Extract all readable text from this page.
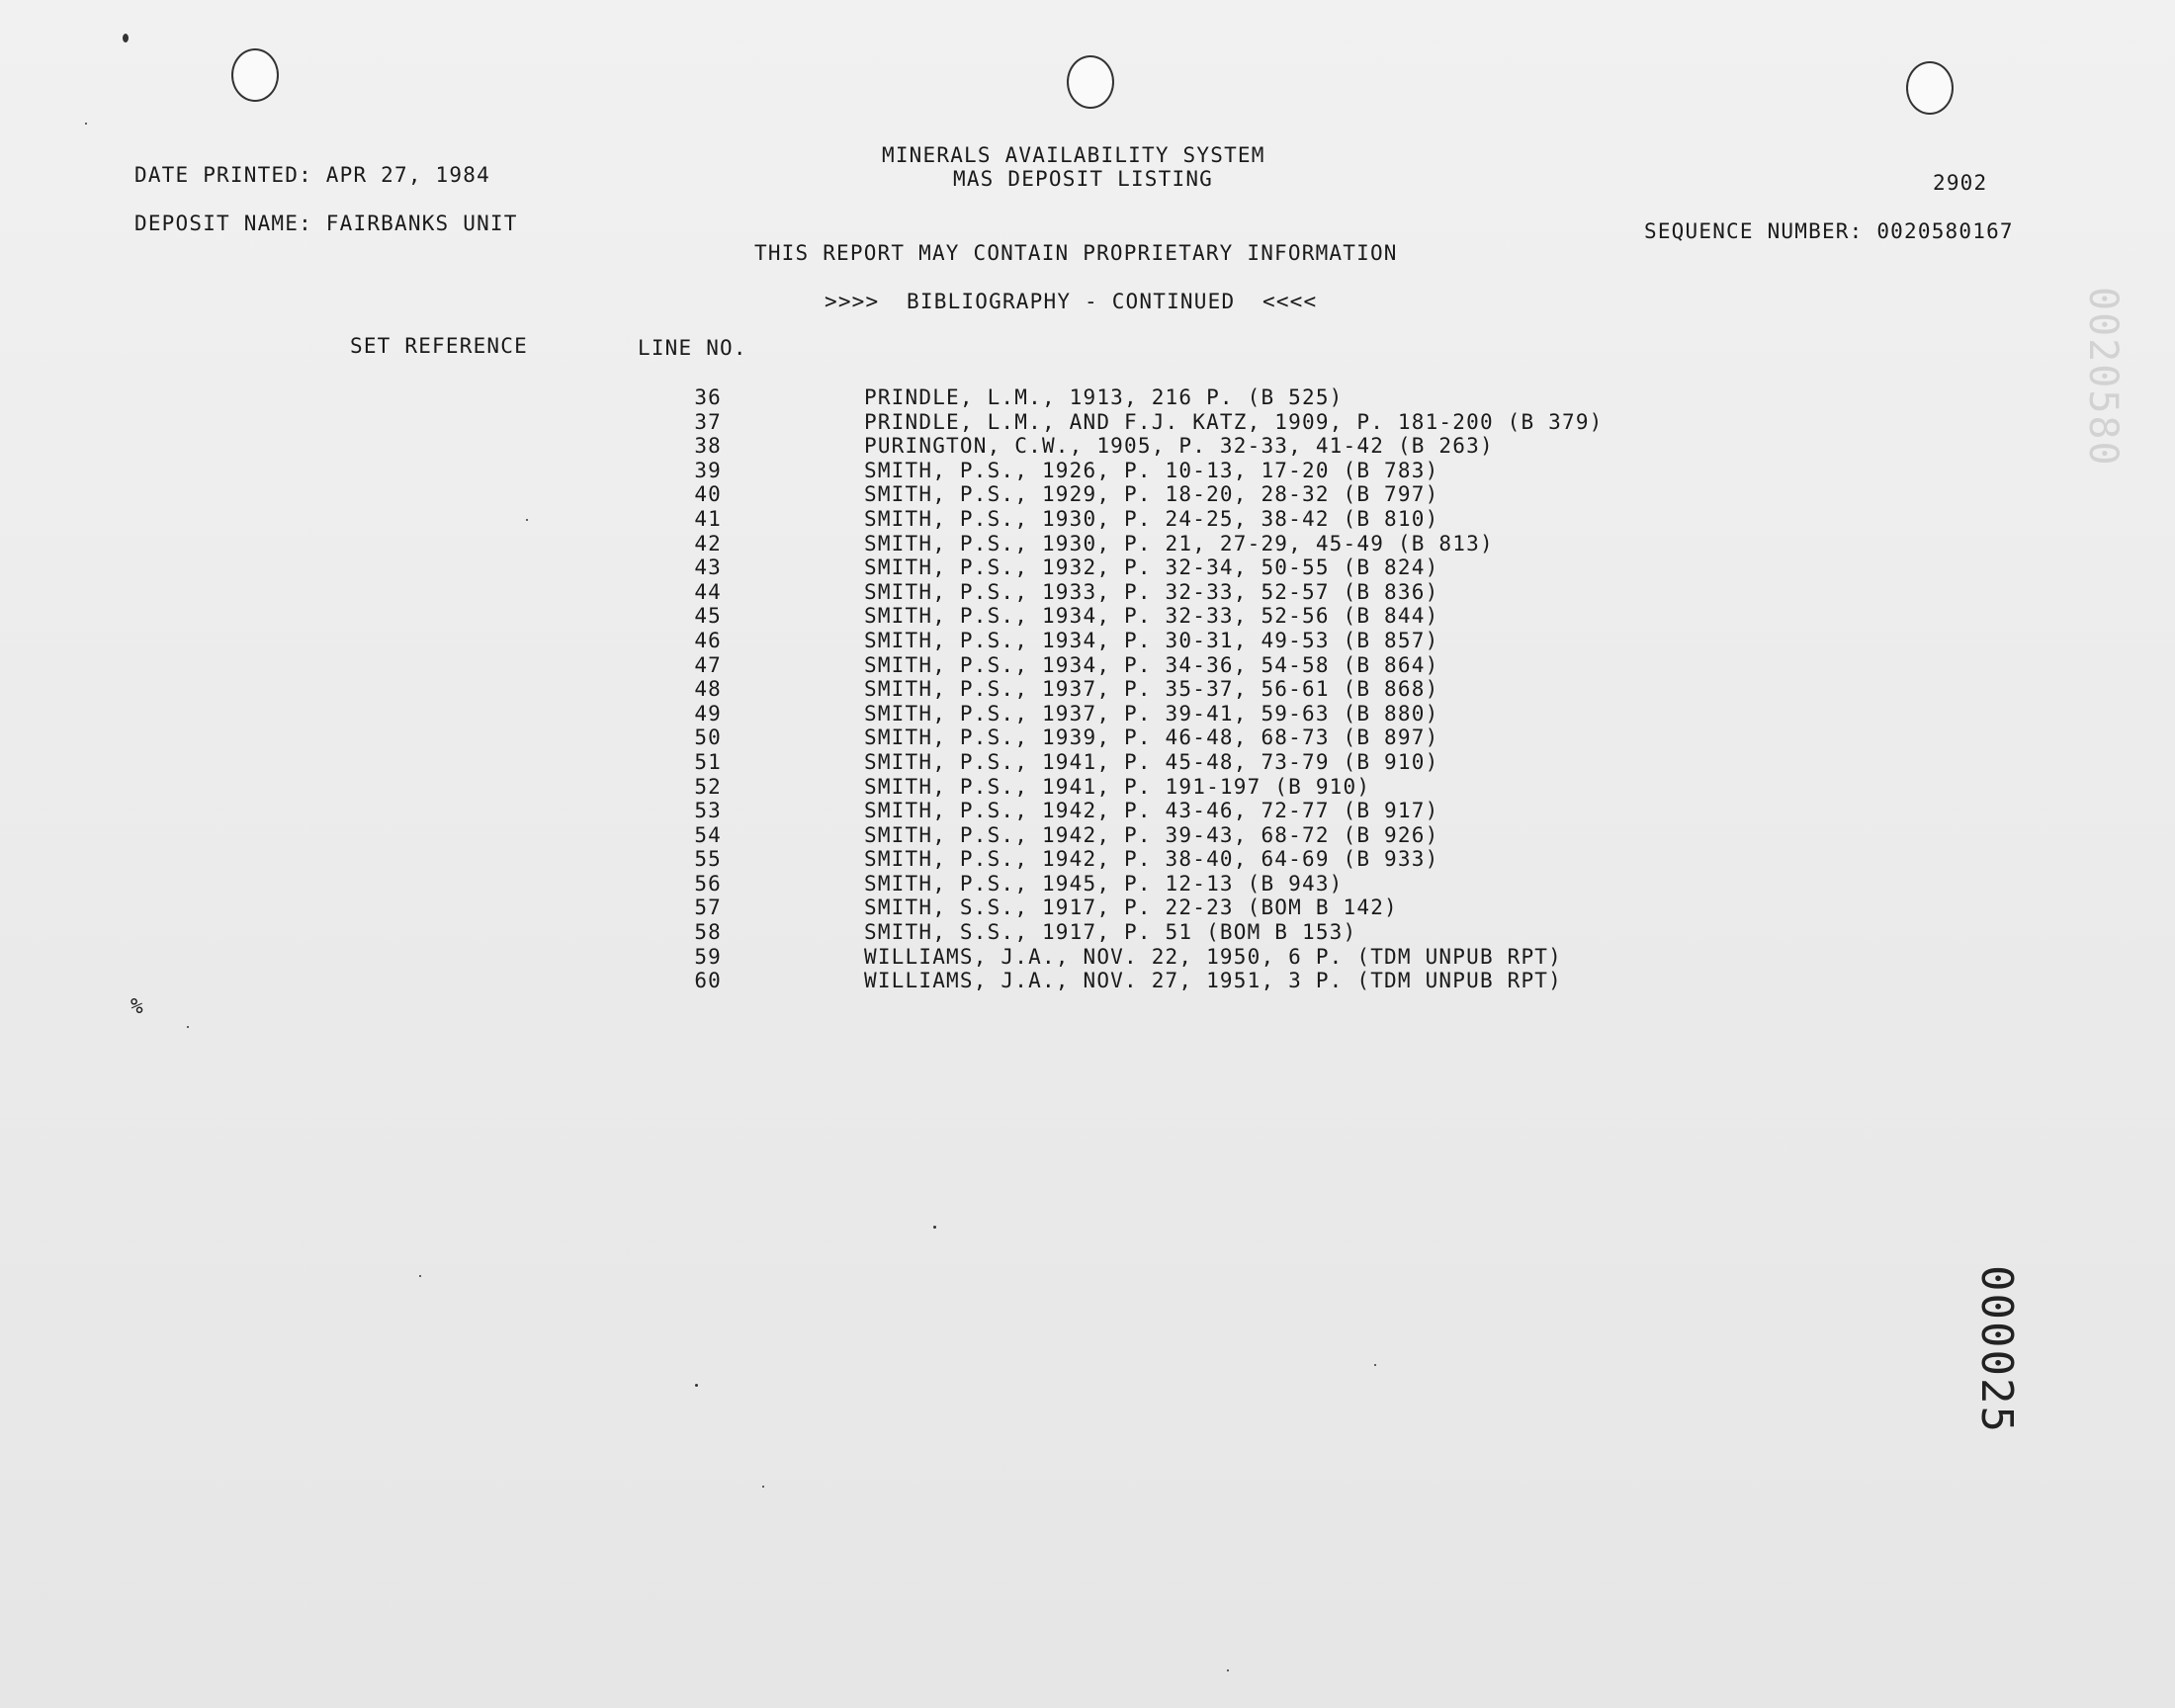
DATE PRINTED: APR 27, 1984
DEPOSIT NAME: FAIRBANKS UNIT
MINERALS AVAILABILITY SYSTEM
MAS DEPOSIT LISTING	2902
SEQUENCE NUMBER: 0020580167
THIS REPORT MAY CONTAIN PROPRIETARY INFORMATION
>>>>  BIBLIOGRAPHY - CONTINUED  <<<<
SET REFERENCE	LINE NO.
36	PRINDLE, L.M., 1913, 216 P. (B 525)
37	PRINDLE, L.M., AND F.J. KATZ, 1909, P. 181-200 (B 379)
38	PURINGTON, C.W., 1905, P. 32-33, 41-42 (B 263)
39	SMITH, P.S., 1926, P. 10-13, 17-20 (B 783)
40	SMITH, P.S., 1929, P. 18-20, 28-32 (B 797)
41	SMITH, P.S., 1930, P. 24-25, 38-42 (B 810)
42	SMITH, P.S., 1930, P. 21, 27-29, 45-49 (B 813)
43	SMITH, P.S., 1932, P. 32-34, 50-55 (B 824)
44	SMITH, P.S., 1933, P. 32-33, 52-57 (B 836)
45	SMITH, P.S., 1934, P. 32-33, 52-56 (B 844)
46	SMITH, P.S., 1934, P. 30-31, 49-53 (B 857)
47	SMITH, P.S., 1934, P. 34-36, 54-58 (B 864)
48	SMITH, P.S., 1937, P. 35-37, 56-61 (B 868)
49	SMITH, P.S., 1937, P. 39-41, 59-63 (B 880)
50	SMITH, P.S., 1939, P. 46-48, 68-73 (B 897)
51	SMITH, P.S., 1941, P. 45-48, 73-79 (B 910)
52	SMITH, P.S., 1941, P. 191-197 (B 910)
53	SMITH, P.S., 1942, P. 43-46, 72-77 (B 917)
54	SMITH, P.S., 1942, P. 39-43, 68-72 (B 926)
55	SMITH, P.S., 1942, P. 38-40, 64-69 (B 933)
56	SMITH, P.S., 1945, P. 12-13 (B 943)
57	SMITH, S.S., 1917, P. 22-23 (BOM B 142)
58	SMITH, S.S., 1917, P. 51 (BOM B 153)
59	WILLIAMS, J.A., NOV. 22, 1950, 6 P. (TDM UNPUB RPT)
60	WILLIAMS, J.A., NOV. 27, 1951, 3 P. (TDM UNPUB RPT)
%
0020580
000025
